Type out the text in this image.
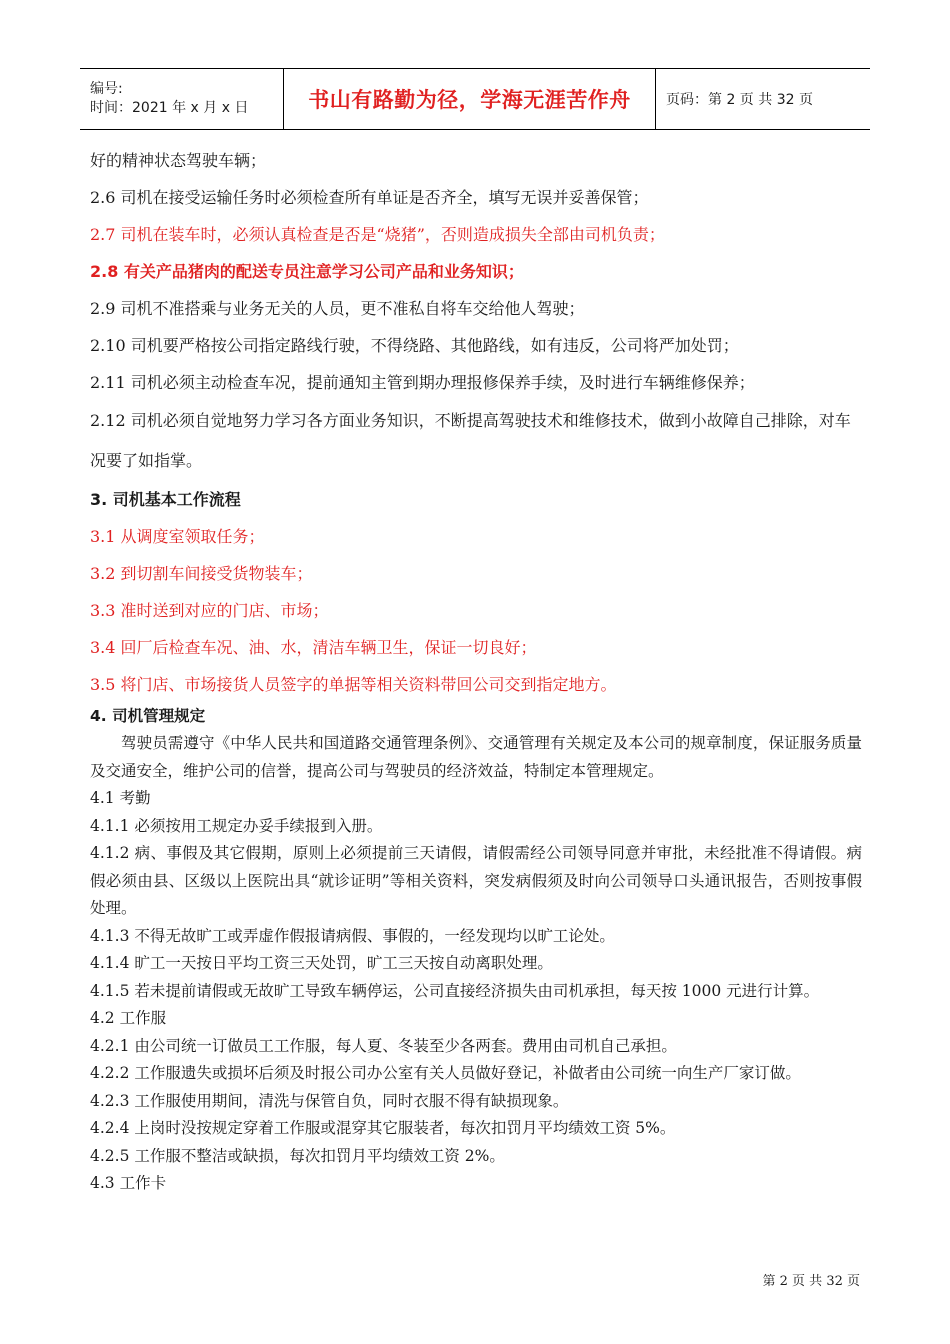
编号:
时间：2021 年 x 月 x 日	书山有路勤为径，学海无涯苦作舟	页码：第 2 页 共 32 页
好的精神状态驾驶车辆；
2.6 司机在接受运输任务时必须检查所有单证是否齐全，填写无误并妥善保管；
2.7 司机在装车时，必须认真检查是否是“烧猪”，否则造成损失全部由司机负责；
2.8 有关产品猪肉的配送专员注意学习公司产品和业务知识；
2.9 司机不准搭乘与业务无关的人员，更不准私自将车交给他人驾驶；
2.10 司机要严格按公司指定路线行驶，不得绕路、其他路线，如有违反，公司将严加处罚；
2.11 司机必须主动检查车况，提前通知主管到期办理报修保养手续，及时进行车辆维修保养；
2.12 司机必须自觉地努力学习各方面业务知识，不断提高驾驶技术和维修技术，做到小故障自己排除，对车况要了如指掌。
3. 司机基本工作流程
3.1 从调度室领取任务；
3.2 到切割车间接受货物装车；
3.3 准时送到对应的门店、市场；
3.4 回厂后检查车况、油、水，清洁车辆卫生，保证一切良好；
3.5 将门店、市场接货人员签字的单据等相关资料带回公司交到指定地方。
4. 司机管理规定

驾驶员需遵守《中华人民共和国道路交通管理条例》、交通管理有关规定及本公司的规章制度，保证服务质量及交通安全，维护公司的信誉，提高公司与驾驶员的经济效益，特制定本管理规定。

4.1 考勤

4.1.1 必须按用工规定办妥手续报到入册。

4.1.2 病、事假及其它假期，原则上必须提前三天请假，请假需经公司领导同意并审批，未经批准不得请假。病假必须由县、区级以上医院出具“就诊证明”等相关资料，突发病假须及时向公司领导口头通讯报告，否则按事假处理。

4.1.3 不得无故旷工或弄虚作假报请病假、事假的，一经发现均以旷工论处。

4.1.4 旷工一天按日平均工资三天处罚，旷工三天按自动离职处理。

4.1.5 若未提前请假或无故旷工导致车辆停运，公司直接经济损失由司机承担，每天按 1000 元进行计算。

4.2 工作服

4.2.1 由公司统一订做员工工作服，每人夏、冬装至少各两套。费用由司机自己承担。

4.2.2 工作服遗失或损坏后须及时报公司办公室有关人员做好登记，补做者由公司统一向生产厂家订做。

4.2.3 工作服使用期间，清洗与保管自负，同时衣服不得有缺损现象。

4.2.4 上岗时没按规定穿着工作服或混穿其它服装者，每次扣罚月平均绩效工资 5%。

4.2.5 工作服不整洁或缺损，每次扣罚月平均绩效工资 2%。

4.3 工作卡

第 2 页 共 32 页
